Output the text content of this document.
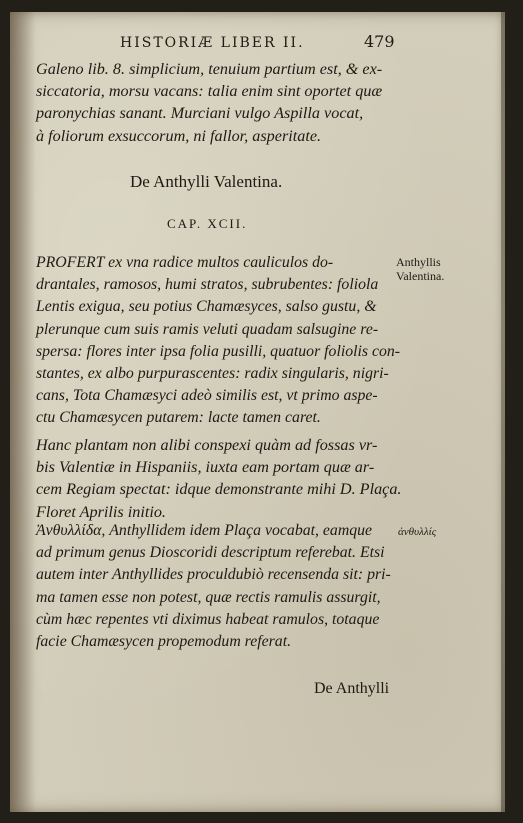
HISTORIÆ LIBER II.	479
Galeno lib. 8. simplicium, tenuium partium est, & ex-
siccatoria, morsu vacans: talia enim sint oportet quæ
paronychias sanant. Murciani vulgo Aspilla vocat,
à foliorum exsuccorum, ni fallor, asperitate.
De Anthylli Valentina.
CAP. XCII.
PROFERT ex vna radice multos cauliculos do-
drantales, ramosos, humi stratos, subrubentes: foliola
Lentis exigua, seu potius Chamæsyces, salso gustu, &
plerunque cum suis ramis veluti quadam salsugine re-
spersa: flores inter ipsa folia pusilli, quatuor foliolis con-
stantes, ex albo purpurascentes: radix singularis, nigri-
cans, Tota Chamæsyci adeò similis est, vt primo aspe-
ctu Chamæsycen putarem: lacte tamen caret.
Anthyllis
Valentina.
Hanc plantam non alibi conspexi quàm ad fossas vr-
bis Valentiæ in Hispaniis, iuxta eam portam quæ ar-
cem Regiam spectat: idque demonstrante mihi D. Plaça.
Floret Aprilis initio.
ἀνθυλλίς
Ἀνθυλλίδα, Anthyllidem idem Plaça vocabat, eamque
ad primum genus Dioscoridi descriptum referebat. Etsi
autem inter Anthyllides proculdubiò recensenda sit: pri-
ma tamen esse non potest, quæ rectis ramulis assurgit,
cùm hæc repentes vti diximus habeat ramulos, totaque
facie Chamæsycen propemodum referat.
De Anthylli
